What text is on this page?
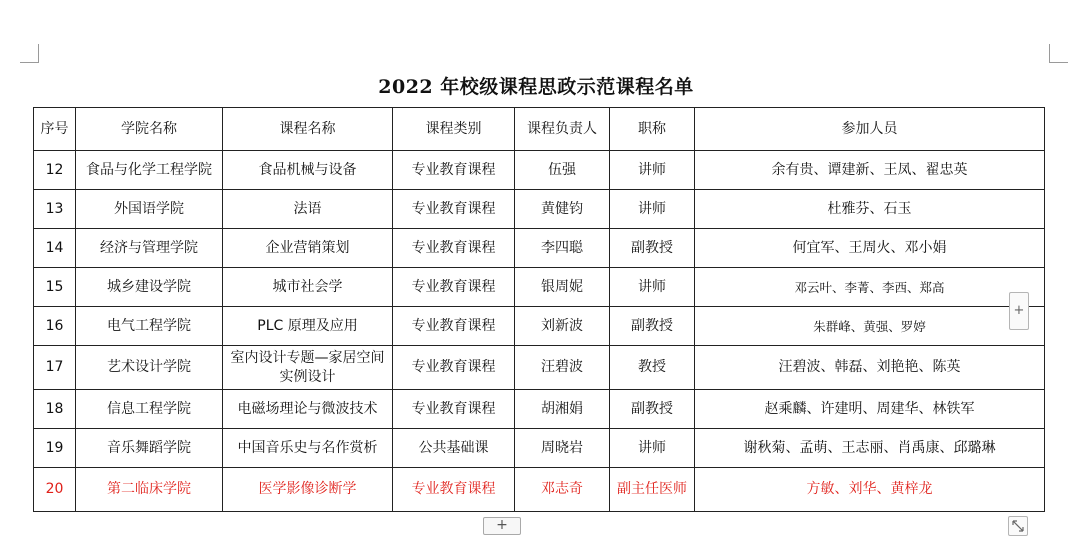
2022 年校级课程思政示范课程名单
序号	学院名称	课程名称	课程类别	课程负责人	职称	参加人员
12	食品与化学工程学院	食品机械与设备	专业教育课程	伍强	讲师	余有贵、谭建新、王凤、翟忠英
13	外国语学院	法语	专业教育课程	黄健钧	讲师	杜雅芬、石玉
14	经济与管理学院	企业营销策划	专业教育课程	李四聪	副教授	何宜军、王周火、邓小娟
15	城乡建设学院	城市社会学	专业教育课程	银周妮	讲师	邓云叶、李菁、李西、郑高
16	电气工程学院	PLC 原理及应用	专业教育课程	刘新波	副教授	朱群峰、黄强、罗婷
17	艺术设计学院	室内设计专题—家居空间实例设计	专业教育课程	汪碧波	教授	汪碧波、韩磊、刘艳艳、陈英
18	信息工程学院	电磁场理论与微波技术	专业教育课程	胡湘娟	副教授	赵乘麟、许建明、周建华、林铁军
19	音乐舞蹈学院	中国音乐史与名作赏析	公共基础课	周晓岩	讲师	谢秋菊、孟萌、王志丽、肖禹康、邱璐琳
20	第二临床学院	医学影像诊断学	专业教育课程	邓志奇	副主任医师	方敏、刘华、黄梓龙
+
+
